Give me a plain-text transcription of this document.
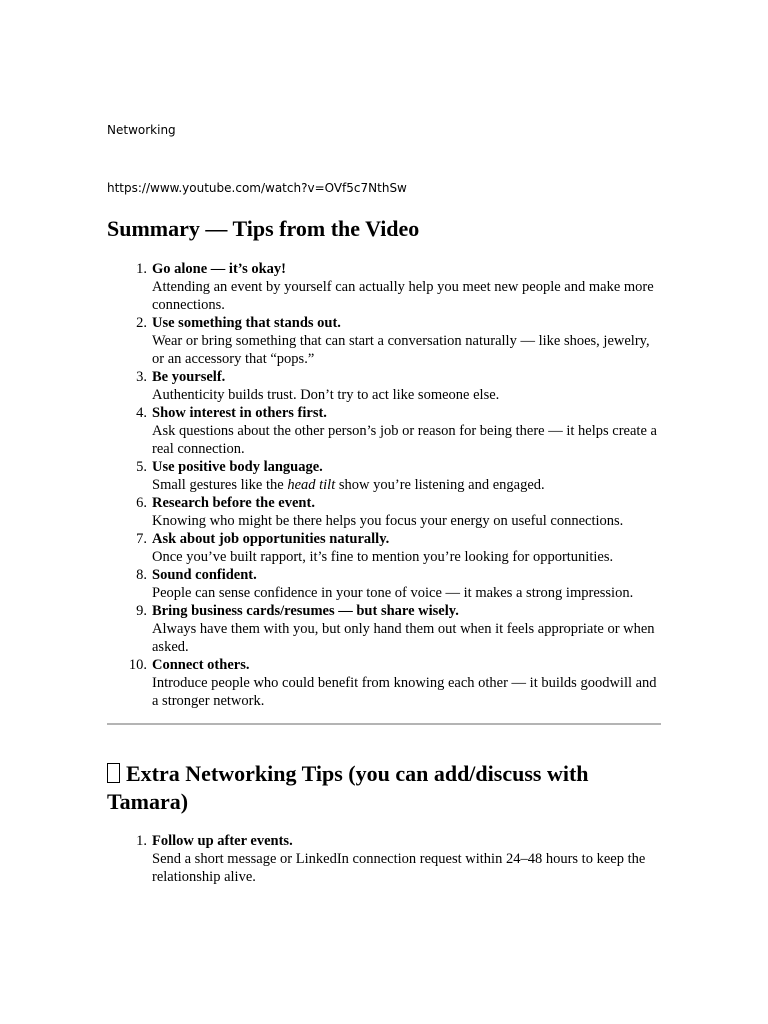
Networking

https://www.youtube.com/watch?v=OVf5c7NthSw

Summary — Tips from the Video
1. Go alone — it’s okay!
Attending an event by yourself can actually help you meet new people and make more connections.
2. Use something that stands out.
Wear or bring something that can start a conversation naturally — like shoes, jewelry, or an accessory that “pops.”
3. Be yourself.
Authenticity builds trust. Don’t try to act like someone else.
4. Show interest in others first.
Ask questions about the other person’s job or reason for being there — it helps create a real connection.
5. Use positive body language.
Small gestures like the head tilt show you’re listening and engaged.
6. Research before the event.
Knowing who might be there helps you focus your energy on useful connections.
7. Ask about job opportunities naturally.
Once you’ve built rapport, it’s fine to mention you’re looking for opportunities.
8. Sound confident.
People can sense confidence in your tone of voice — it makes a strong impression.
9. Bring business cards/resumes — but share wisely.
Always have them with you, but only hand them out when it feels appropriate or when asked.
10. Connect others.
Introduce people who could benefit from knowing each other — it builds goodwill and a stronger network.
Extra Networking Tips (you can add/discuss with Tamara)
1. Follow up after events.
Send a short message or LinkedIn connection request within 24–48 hours to keep the relationship alive.
